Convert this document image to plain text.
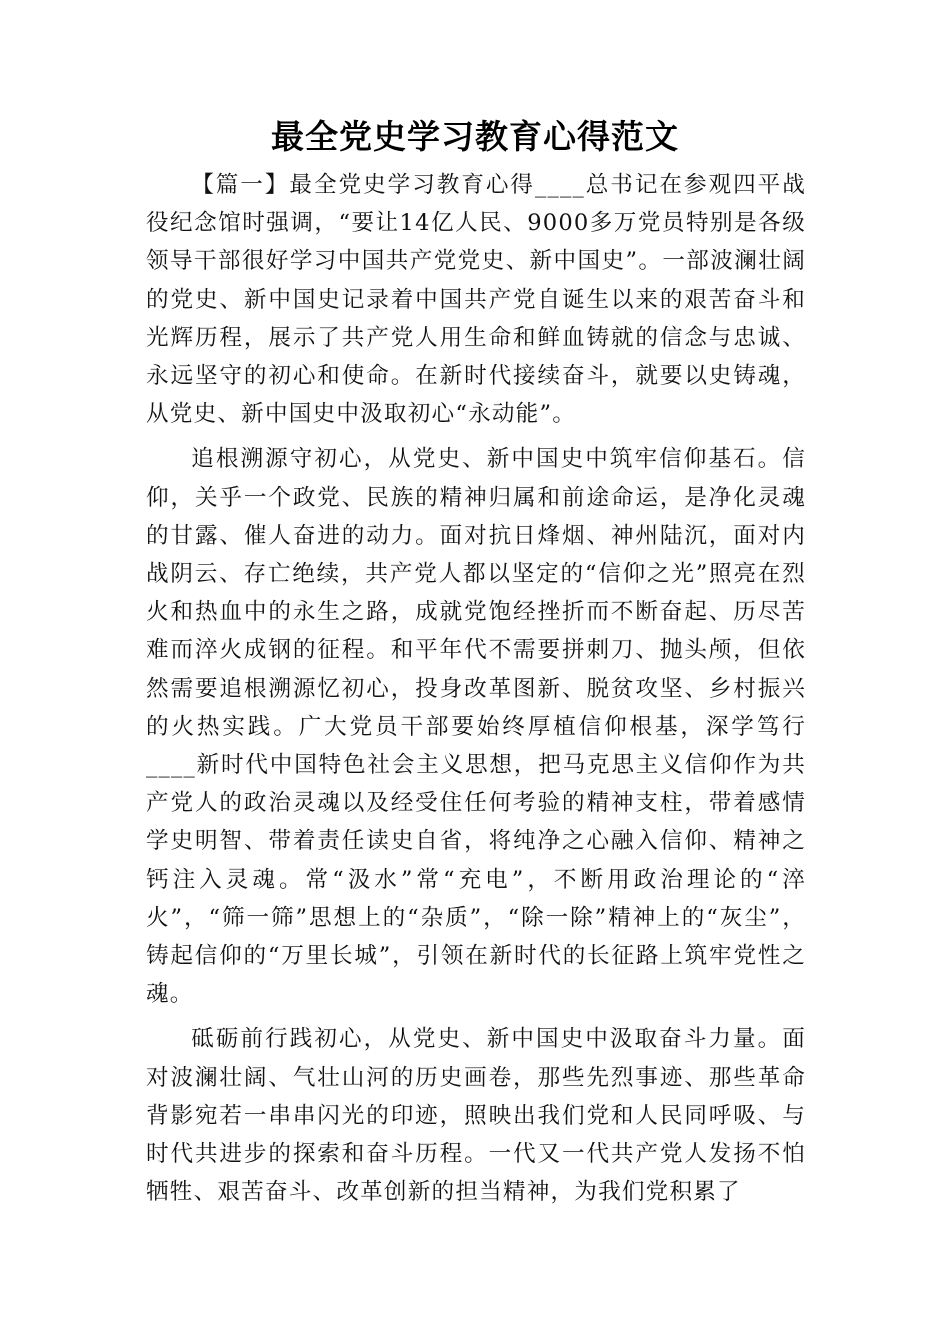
最全党史学习教育心得范文

【篇一】最全党史学习教育心得____总书记在参观四平战役纪念馆时强调，“要让14亿人民、9000多万党员特别是各级领导干部很好学习中国共产党党史、新中国史”。一部波澜壮阔的党史、新中国史记录着中国共产党自诞生以来的艰苦奋斗和光辉历程，展示了共产党人用生命和鲜血铸就的信念与忠诚、永远坚守的初心和使命。在新时代接续奋斗，就要以史铸魂，从党史、新中国史中汲取初心“永动能”。

追根溯源守初心，从党史、新中国史中筑牢信仰基石。信仰，关乎一个政党、民族的精神归属和前途命运，是净化灵魂的甘露、催人奋进的动力。面对抗日烽烟、神州陆沉，面对内战阴云、存亡绝续，共产党人都以坚定的“信仰之光”照亮在烈火和热血中的永生之路，成就党饱经挫折而不断奋起、历尽苦难而淬火成钢的征程。和平年代不需要拼刺刀、抛头颅，但依然需要追根溯源忆初心，投身改革图新、脱贫攻坚、乡村振兴的火热实践。广大党员干部要始终厚植信仰根基，深学笃行____新时代中国特色社会主义思想，把马克思主义信仰作为共产党人的政治灵魂以及经受住任何考验的精神支柱，带着感情学史明智、带着责任读史自省，将纯净之心融入信仰、精神之钙注入灵魂。常“汲水”常“充电”，不断用政治理论的“淬火”，“筛一筛”思想上的“杂质”，“除一除”精神上的“灰尘”，铸起信仰的“万里长城”，引领在新时代的长征路上筑牢党性之魂。

砥砺前行践初心，从党史、新中国史中汲取奋斗力量。面对波澜壮阔、气壮山河的历史画卷，那些先烈事迹、那些革命背影宛若一串串闪光的印迹，照映出我们党和人民同呼吸、与时代共进步的探索和奋斗历程。一代又一代共产党人发扬不怕牺牲、艰苦奋斗、改革创新的担当精神，为我们党积累了
